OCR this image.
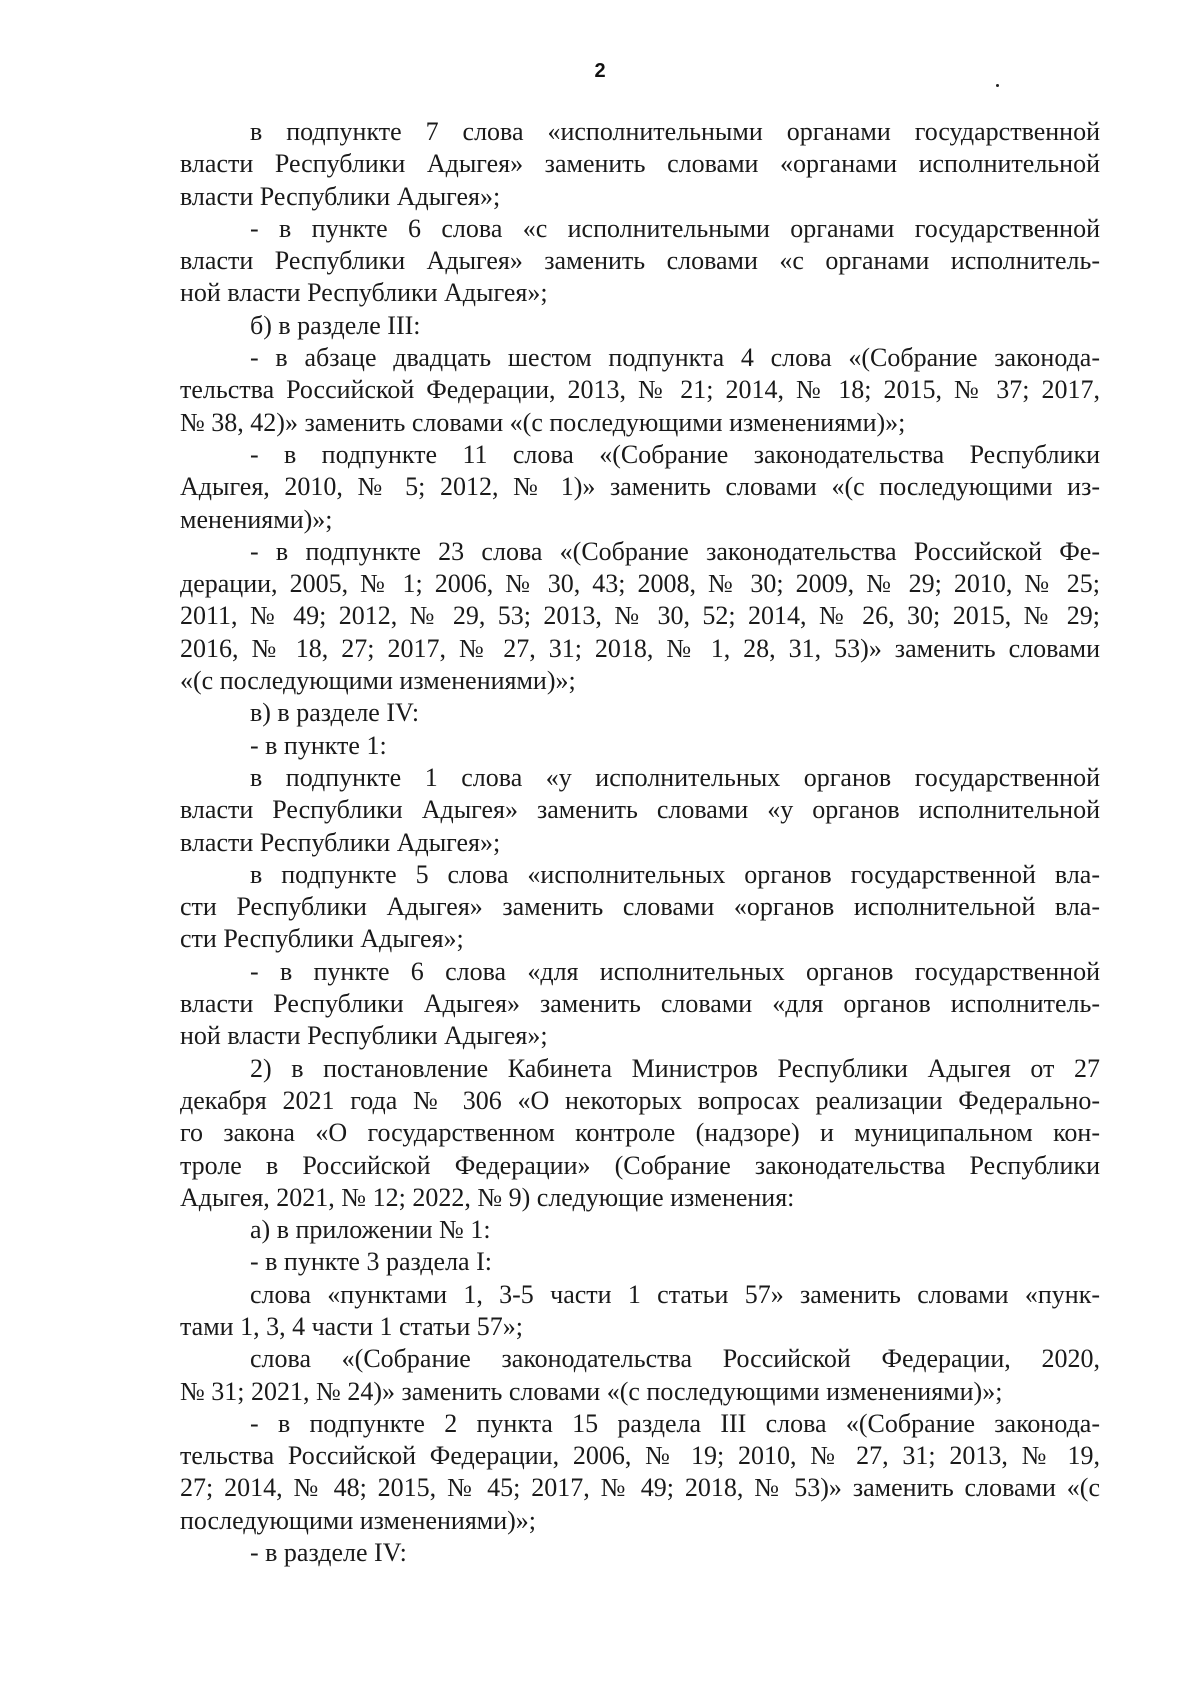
2
в подпункте 7 слова «исполнительными органами государственной
власти Республики Адыгея» заменить словами «органами исполнительной
власти Республики Адыгея»;
- в пункте 6 слова «с исполнительными органами государственной
власти Республики Адыгея» заменить словами «с органами исполнитель-
ной власти Республики Адыгея»;
б) в разделе III:
- в абзаце двадцать шестом подпункта 4 слова «(Собрание законода-
тельства Российской Федерации, 2013, № 21; 2014, № 18; 2015, № 37; 2017,
№ 38, 42)» заменить словами «(с последующими изменениями)»;
- в подпункте 11 слова «(Собрание законодательства Республики
Адыгея, 2010, № 5; 2012, № 1)» заменить словами «(с последующими из-
менениями)»;
- в подпункте 23 слова «(Собрание законодательства Российской Фе-
дерации, 2005, № 1; 2006, № 30, 43; 2008, № 30; 2009, № 29; 2010, № 25;
2011, № 49; 2012, № 29, 53; 2013, № 30, 52; 2014, № 26, 30; 2015, № 29;
2016, № 18, 27; 2017, № 27, 31; 2018, № 1, 28, 31, 53)» заменить словами
«(с последующими изменениями)»;
в) в разделе IV:
- в пункте 1:
в подпункте 1 слова «у исполнительных органов государственной
власти Республики Адыгея» заменить словами «у органов исполнительной
власти Республики Адыгея»;
в подпункте 5 слова «исполнительных органов государственной вла-
сти Республики Адыгея» заменить словами «органов исполнительной вла-
сти Республики Адыгея»;
- в пункте 6 слова «для исполнительных органов государственной
власти Республики Адыгея» заменить словами «для органов исполнитель-
ной власти Республики Адыгея»;
2) в постановление Кабинета Министров Республики Адыгея от 27
декабря 2021 года № 306 «О некоторых вопросах реализации Федерально-
го закона «О государственном контроле (надзоре) и муниципальном кон-
троле в Российской Федерации» (Собрание законодательства Республики
Адыгея, 2021, № 12; 2022, № 9) следующие изменения:
а) в приложении № 1:
- в пункте 3 раздела I:
слова «пунктами 1, 3-5 части 1 статьи 57» заменить словами «пунк-
тами 1, 3, 4 части 1 статьи 57»;
слова «(Собрание законодательства Российской Федерации, 2020,
№ 31; 2021, № 24)» заменить словами «(с последующими изменениями)»;
- в подпункте 2 пункта 15 раздела III слова «(Собрание законода-
тельства Российской Федерации, 2006, № 19; 2010, № 27, 31; 2013, № 19,
27; 2014, № 48; 2015, № 45; 2017, № 49; 2018, № 53)» заменить словами «(с
последующими изменениями)»;
- в разделе IV:
